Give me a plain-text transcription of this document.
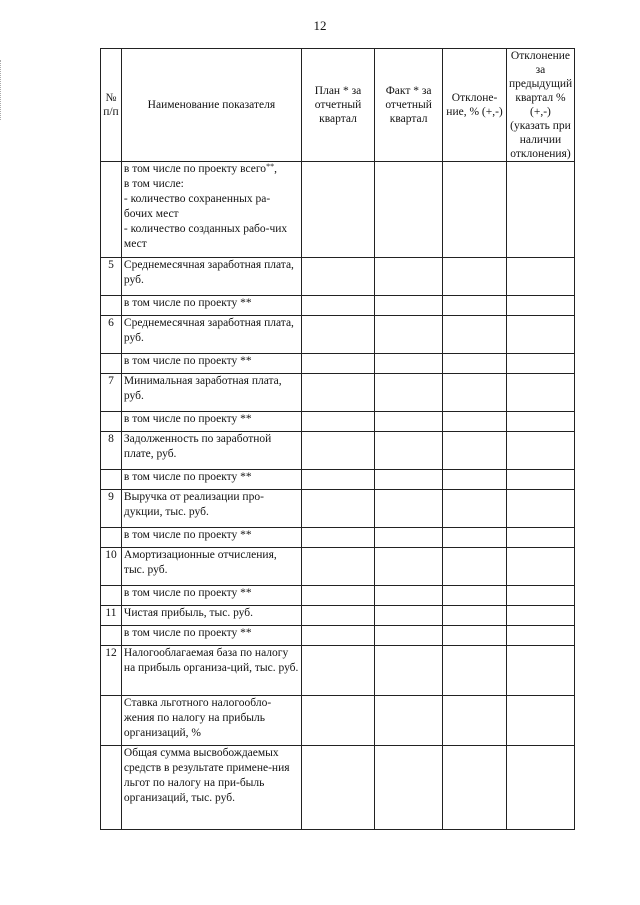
12
№ п/п	Наименование показателя	План * за отчетный квартал	Факт * за отчетный квартал	Отклоне-ние, % (+,-)	Отклонение за предыдущий квартал % (+,-) (указать при наличии отклонения)
	в том числе по проекту всего**,
в том числе:
- количество сохраненных ра-бочих мест
- количество созданных рабо-чих мест				
5	Среднемесячная заработная плата, руб.				
	в том числе по проекту **				
6	Среднемесячная заработная плата, руб.				
	в том числе по проекту **				
7	Минимальная заработная плата, руб.				
	в том числе по проекту **				
8	Задолженность по заработной плате, руб.				
	в том числе по проекту **				
9	Выручка от реализации про-дукции, тыс. руб.				
	в том числе по проекту **				
10	Амортизационные отчисления, тыс. руб.				
	в том числе по проекту **				
11	Чистая прибыль, тыс. руб.				
	в том числе по проекту **				
12	Налогооблагаемая база по налогу на прибыль организа-ций, тыс. руб.				
	Ставка льготного налогообло-жения по налогу на прибыль организаций, %				
	Общая сумма высвобождаемых средств в результате примене-ния льгот по налогу на при-быль организаций, тыс. руб.				
